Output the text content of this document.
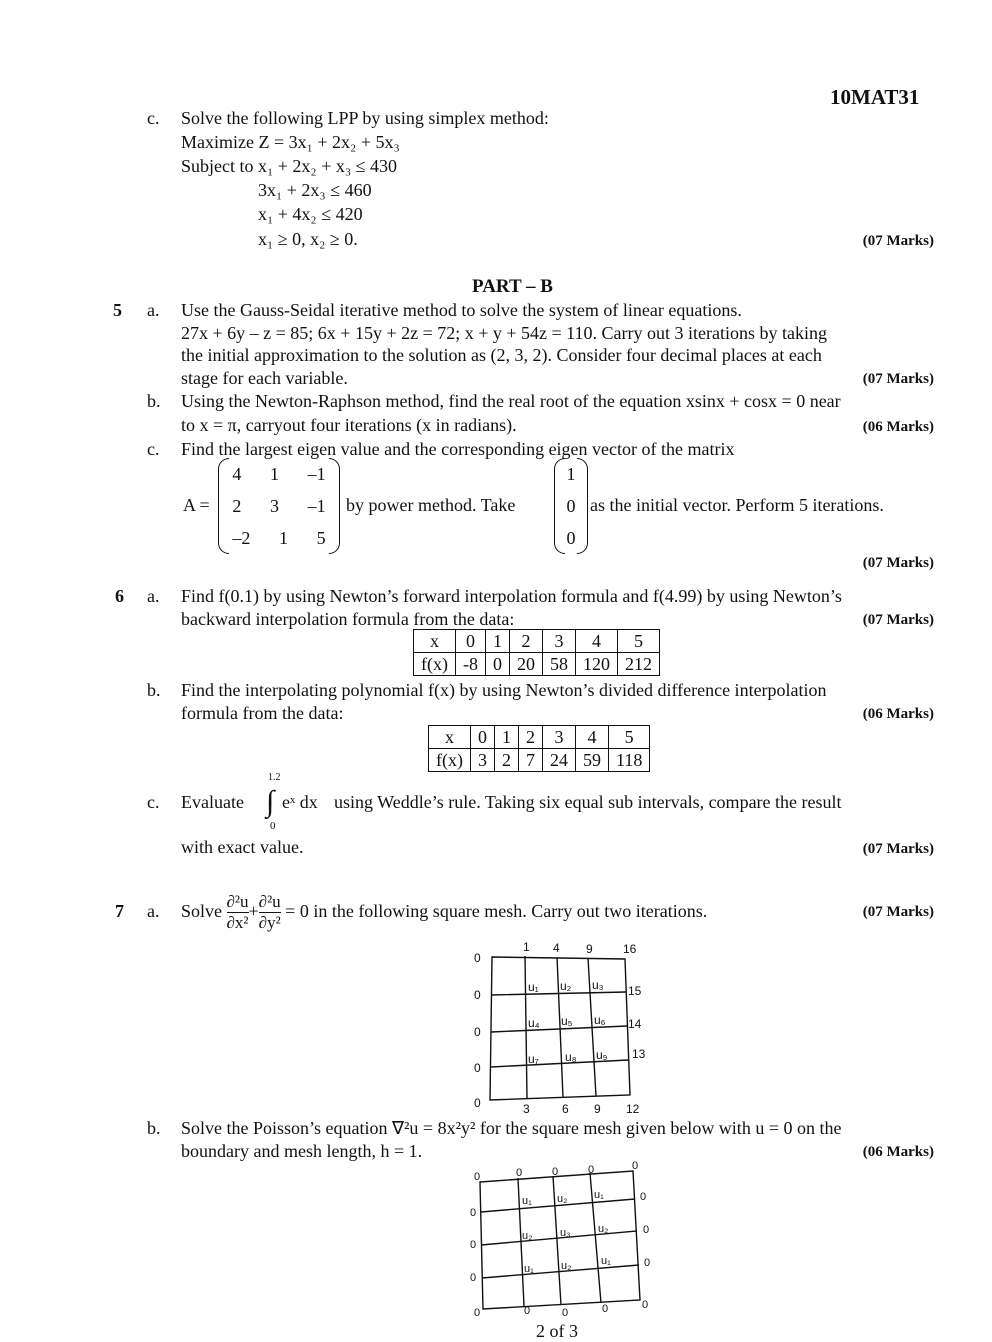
10MAT31
c. Solve the following LPP by using simplex method:
Maximize Z = 3x₁ + 2x₂ + 5x₃
Subject to x₁ + 2x₂ + x₃ ≤ 430
3x₁ + 2x₃ ≤ 460
x₁ + 4x₂ ≤ 420
x₁ ≥ 0, x₂ ≥ 0.	(07 Marks)
PART – B
5 a. Use the Gauss-Seidal iterative method to solve the system of linear equations.
27x + 6y – z = 85; 6x + 15y + 2z = 72; x + y + 54z = 110. Carry out 3 iterations by taking
the initial approximation to the solution as (2, 3, 2). Consider four decimal places at each
stage for each variable.	(07 Marks)
b. Using the Newton-Raphson method, find the real root of the equation xsinx + cosx = 0 near
to x = π, carryout four iterations (x in radians).	(06 Marks)
c. Find the largest eigen value and the corresponding eigen vector of the matrix
A =
4 1 –1
2 3 –1
–2 1 5
by power method. Take
1
0
0
as the initial vector. Perform 5 iterations.
(07 Marks)
6 a. Find f(0.1) by using Newton’s forward interpolation formula and f(4.99) by using Newton’s
backward interpolation formula from the data:	(07 Marks)
x	0	1	2	3	4	5
f(x)	-8	0	20	58	120	212
b. Find the interpolating polynomial f(x) by using Newton’s divided difference interpolation
formula from the data:	(06 Marks)
x	0	1	2	3	4	5
f(x)	3	2	7	24	59	118
c. Evaluate
1.2
∫
0
eˣ dx using Weddle’s rule. Taking six equal sub intervals, compare the result
with exact value.	(07 Marks)
7 a. Solve $\frac{\text{∂²u}}{\text{∂x²}} + \frac{\text{∂²u}}{\text{∂y²}} = 0$ in the following square mesh. Carry out two iterations.	(07 Marks)
1 4 9	16
0
0
0
0
0
15
14
13
3	6 9 12
u₁ u₂ u₃
u₄ u₅ u₆
u₇ u₈ u₉
b. Solve the Poisson’s equation ∇²u = 8x²y² for the square mesh given below with u = 0 on the
boundary and mesh length, h = 1.	(06 Marks)
0	0	0	0	0
0
0
0
0
0
0
0	0	0	0	0
u₁ u₂ u₁
u₂	u₃ u₂
u₁ u₂	u₁
2 of 3
